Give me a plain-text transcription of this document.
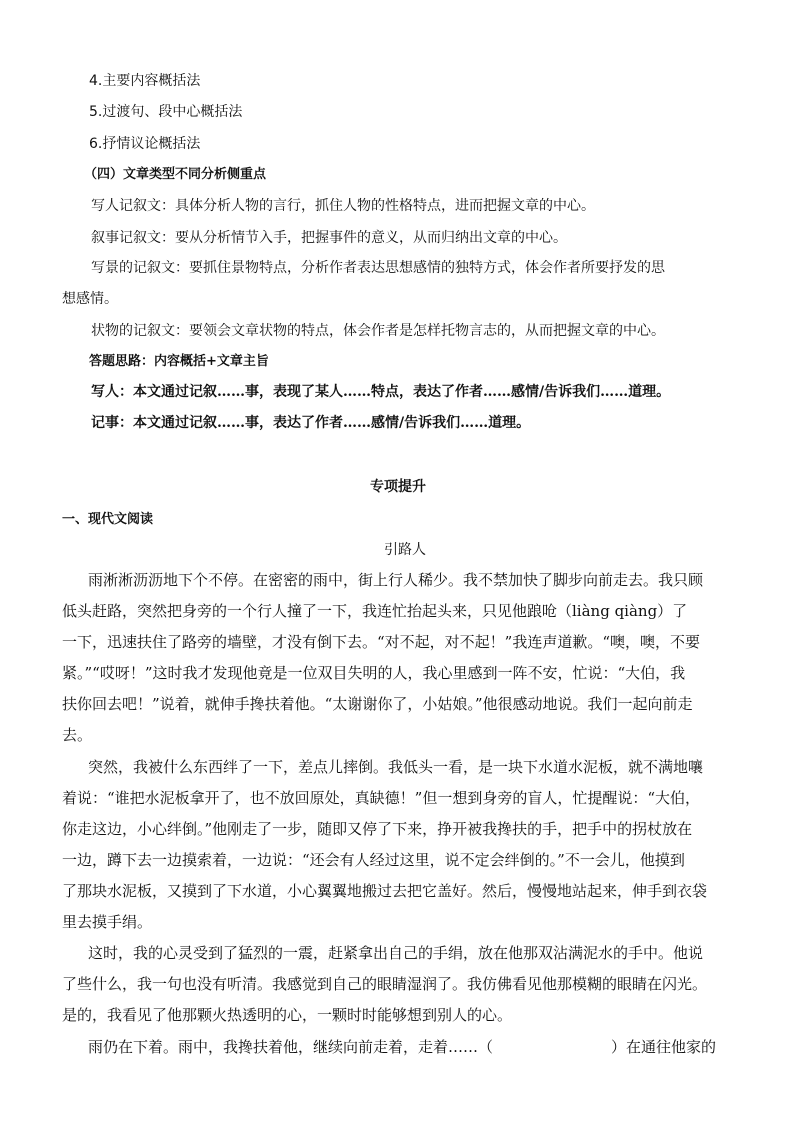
4.主要内容概括法
5.过渡句、段中心概括法
6.抒情议论概括法
（四）文章类型不同分析侧重点
写人记叙文：具体分析人物的言行，抓住人物的性格特点，进而把握文章的中心。
叙事记叙文：要从分析情节入手，把握事件的意义，从而归纳出文章的中心。
写景的记叙文：要抓住景物特点，分析作者表达思想感情的独特方式，体会作者所要抒发的思
想感情。
状物的记叙文：要领会文章状物的特点，体会作者是怎样托物言志的，从而把握文章的中心。
答题思路：内容概括+文章主旨
写人：本文通过记叙……事，表现了某人……特点，表达了作者……感情/告诉我们……道理。
记事：本文通过记叙……事，表达了作者……感情/告诉我们……道理。
专项提升
一、现代文阅读
引路人
雨淅淅沥沥地下个不停。在密密的雨中，街上行人稀少。我不禁加快了脚步向前走去。我只顾
低头赶路，突然把身旁的一个行人撞了一下，我连忙抬起头来，只见他踉呛（liàng qiàng）了
一下，迅速扶住了路旁的墙壁，才没有倒下去。“对不起，对不起！”我连声道歉。“噢，噢，不要
紧。”“哎呀！”这时我才发现他竟是一位双目失明的人，我心里感到一阵不安，忙说：“大伯，我
扶你回去吧！”说着，就伸手搀扶着他。“太谢谢你了，小姑娘。”他很感动地说。我们一起向前走
去。
突然，我被什么东西绊了一下，差点儿摔倒。我低头一看，是一块下水道水泥板，就不满地嚷
着说：“谁把水泥板拿开了，也不放回原处，真缺德！”但一想到身旁的盲人，忙提醒说：“大伯，
你走这边，小心绊倒。”他刚走了一步，随即又停了下来，挣开被我搀扶的手，把手中的拐杖放在
一边，蹲下去一边摸索着，一边说：“还会有人经过这里，说不定会绊倒的。”不一会儿，他摸到
了那块水泥板，又摸到了下水道，小心翼翼地搬过去把它盖好。然后，慢慢地站起来，伸手到衣袋
里去摸手绢。
这时，我的心灵受到了猛烈的一震，赶紧拿出自己的手绢，放在他那双沾满泥水的手中。他说
了些什么，我一句也没有听清。我感觉到自己的眼睛湿润了。我仿佛看见他那模糊的眼睛在闪光。
是的，我看见了他那颗火热透明的心，一颗时时能够想到别人的心。
雨仍在下着。雨中，我搀扶着他，继续向前走着，走着……（	）在通往他家的
